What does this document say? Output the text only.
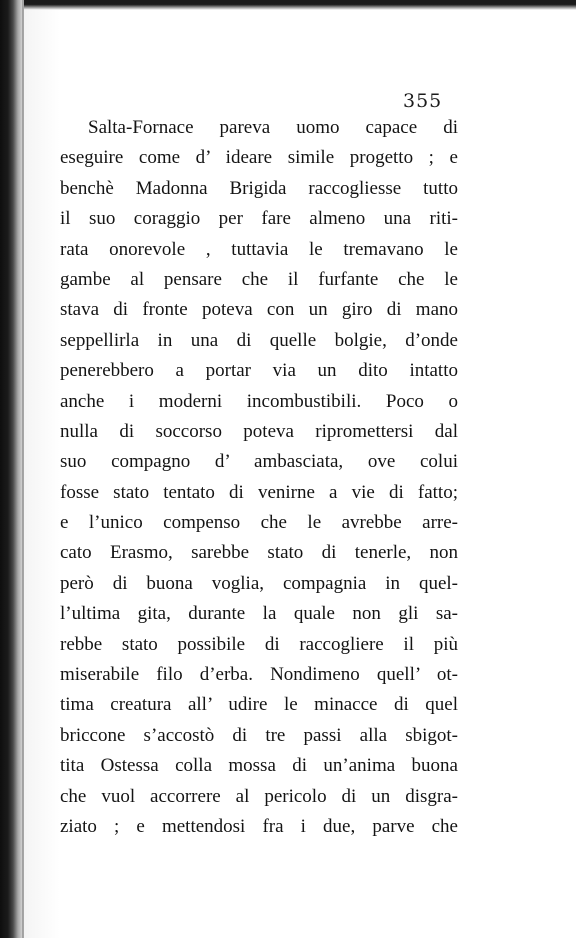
355
Salta-Fornace pareva uomo capace di
eseguire come d’ ideare simile progetto ; e
benchè Madonna Brigida raccogliesse tutto
il suo coraggio per fare almeno una riti-
rata onorevole , tuttavia le tremavano le
gambe al pensare che il furfante che le
stava di fronte poteva con un giro di mano
seppellirla in una di quelle bolgie, d’onde
penerebbero a portar via un dito intatto
anche i moderni incombustibili. Poco o
nulla di soccorso poteva ripromettersi dal
suo compagno d’ ambasciata, ove colui
fosse stato tentato di venirne a vie di fatto;
e l’unico compenso che le avrebbe arre-
cato Erasmo, sarebbe stato di tenerle, non
però di buona voglia, compagnia in quel-
l’ultima gita, durante la quale non gli sa-
rebbe stato possibile di raccogliere il più
miserabile filo d’erba. Nondimeno quell’ ot-
tima creatura all’ udire le minacce di quel
briccone s’accostò di tre passi alla sbigot-
tita Ostessa colla mossa di un’anima buona
che vuol accorrere al pericolo di un disgra-
ziato ; e mettendosi fra i due, parve che
